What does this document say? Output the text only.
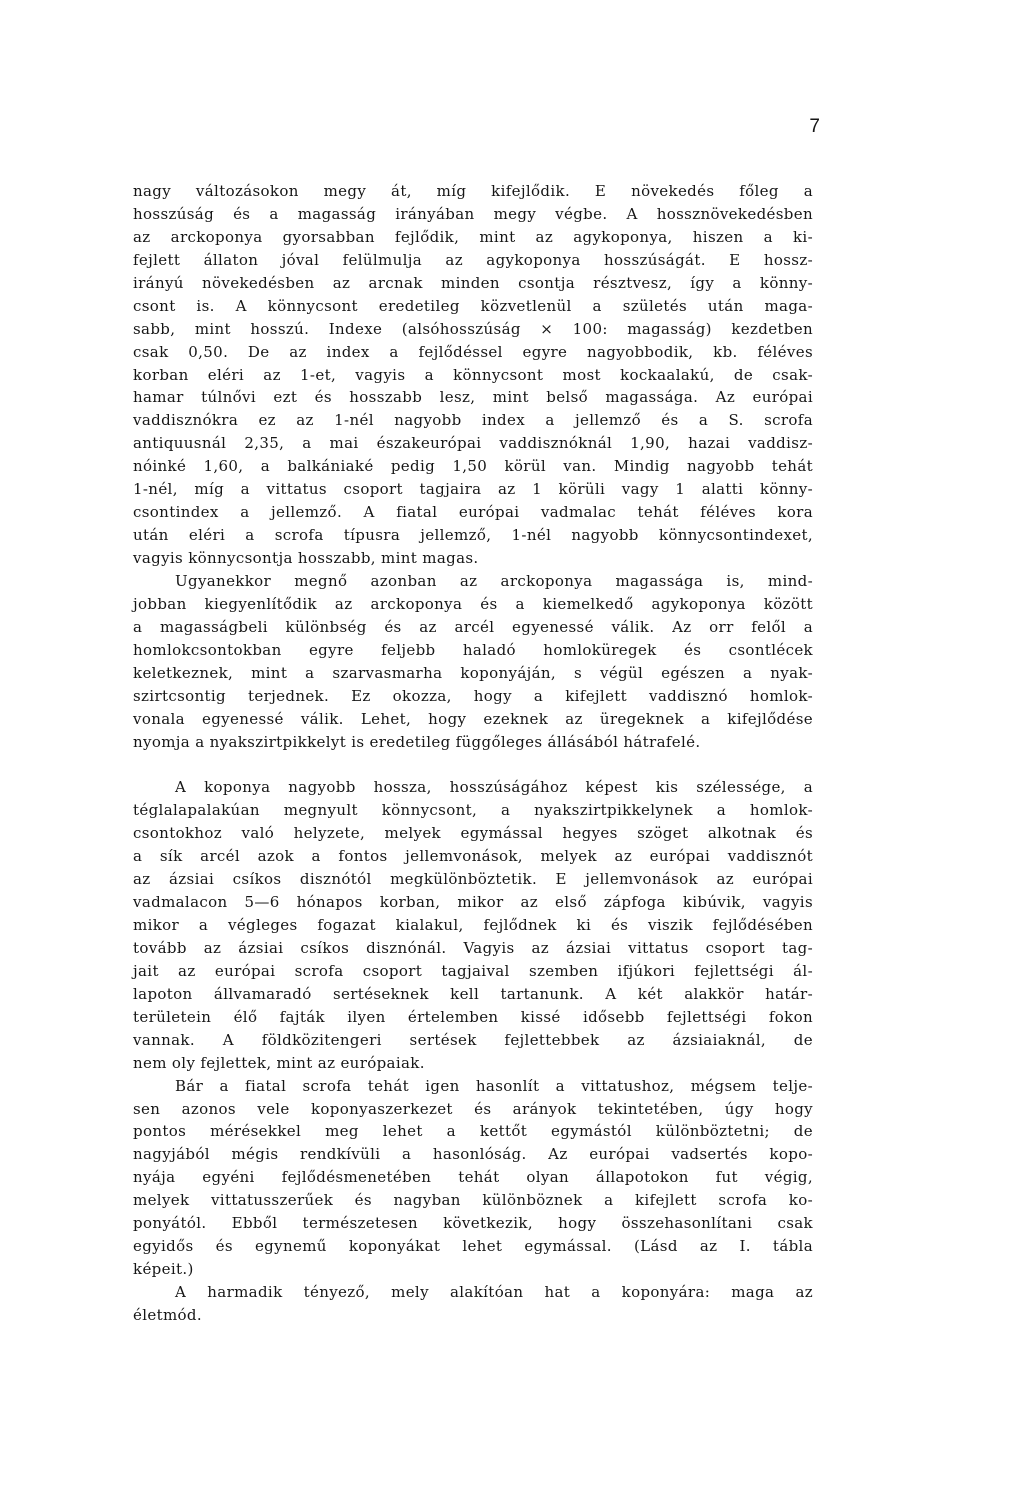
7
nagy változásokon megy át, míg kifejlődik. E növekedés főleg a
hosszúság és a magasság irányában megy végbe. A hossznövekedésben
az arckoponya gyorsabban fejlődik, mint az agykoponya, hiszen a ki-
fejlett állaton jóval felülmulja az agykoponya hosszúságát. E hossz-
irányú növekedésben az arcnak minden csontja résztvesz, így a könny-
csont is. A könnycsont eredetileg közvetlenül a születés után maga-
sabb, mint hosszú. Indexe (alsóhosszúság × 100: magasság) kezdetben
csak 0,50. De az index a fejlődéssel egyre nagyobbodik, kb. féléves
korban eléri az 1-et, vagyis a könnycsont most kockaalakú, de csak-
hamar túlnővi ezt és hosszabb lesz, mint belső magassága. Az európai
vaddisznókra ez az 1-nél nagyobb index a jellemző és a S. scrofa
antiquusnál 2,35, a mai északeurópai vaddisznóknál 1,90, hazai vaddisz-
nóinké 1,60, a balkániaké pedig 1,50 körül van. Mindig nagyobb tehát
1-nél, míg a vittatus csoport tagjaira az 1 körüli vagy 1 alatti könny-
csontindex a jellemző. A fiatal európai vadmalac tehát féléves kora
után eléri a scrofa típusra jellemző, 1-nél nagyobb könnycsontindexet,
vagyis könnycsontja hosszabb, mint magas.
Ugyanekkor megnő azonban az arckoponya magassága is, mind-
jobban kiegyenlítődik az arckoponya és a kiemelkedő agykoponya között
a magasságbeli különbség és az arcél egyenessé válik. Az orr felől a
homlokcsontokban egyre feljebb haladó homloküregek és csontlécek
keletkeznek, mint a szarvasmarha koponyáján, s végül egészen a nyak-
szirtcsontig terjednek. Ez okozza, hogy a kifejlett vaddisznó homlok-
vonala egyenessé válik. Lehet, hogy ezeknek az üregeknek a kifejlődése
nyomja a nyakszirtpikkelyt is eredetileg függőleges állásából hátrafelé.
A koponya nagyobb hossza, hosszúságához képest kis szélessége, a
téglalapalakúan megnyult könnycsont, a nyakszirtpikkelynek a homlok-
csontokhoz való helyzete, melyek egymással hegyes szöget alkotnak és
a sík arcél azok a fontos jellemvonások, melyek az európai vaddisznót
az ázsiai csíkos disznótól megkülönböztetik. E jellemvonások az európai
vadmalacon 5—6 hónapos korban, mikor az első zápfoga kibúvik, vagyis
mikor a végleges fogazat kialakul, fejlődnek ki és viszik fejlődésében
tovább az ázsiai csíkos disznónál. Vagyis az ázsiai vittatus csoport tag-
jait az európai scrofa csoport tagjaival szemben ifjúkori fejlettségi ál-
lapoton állvamaradó sertéseknek kell tartanunk. A két alakkör határ-
területein élő fajták ilyen értelemben kissé idősebb fejlettségi fokon
vannak. A földközitengeri sertések fejlettebbek az ázsiaiaknál, de
nem oly fejlettek, mint az európaiak.
Bár a fiatal scrofa tehát igen hasonlít a vittatushoz, mégsem telje-
sen azonos vele koponyaszerkezet és arányok tekintetében, úgy hogy
pontos mérésekkel meg lehet a kettőt egymástól különböztetni; de
nagyjából mégis rendkívüli a hasonlóság. Az európai vadsertés kopo-
nyája egyéni fejlődésmenetében tehát olyan állapotokon fut végig,
melyek vittatusszerűek és nagyban különböznek a kifejlett scrofa ko-
ponyától. Ebből természetesen következik, hogy összehasonlítani csak
egyidős és egynemű koponyákat lehet egymással. (Lásd az I. tábla
képeit.)
A harmadik tényező, mely alakítóan hat a koponyára: maga az
életmód.
